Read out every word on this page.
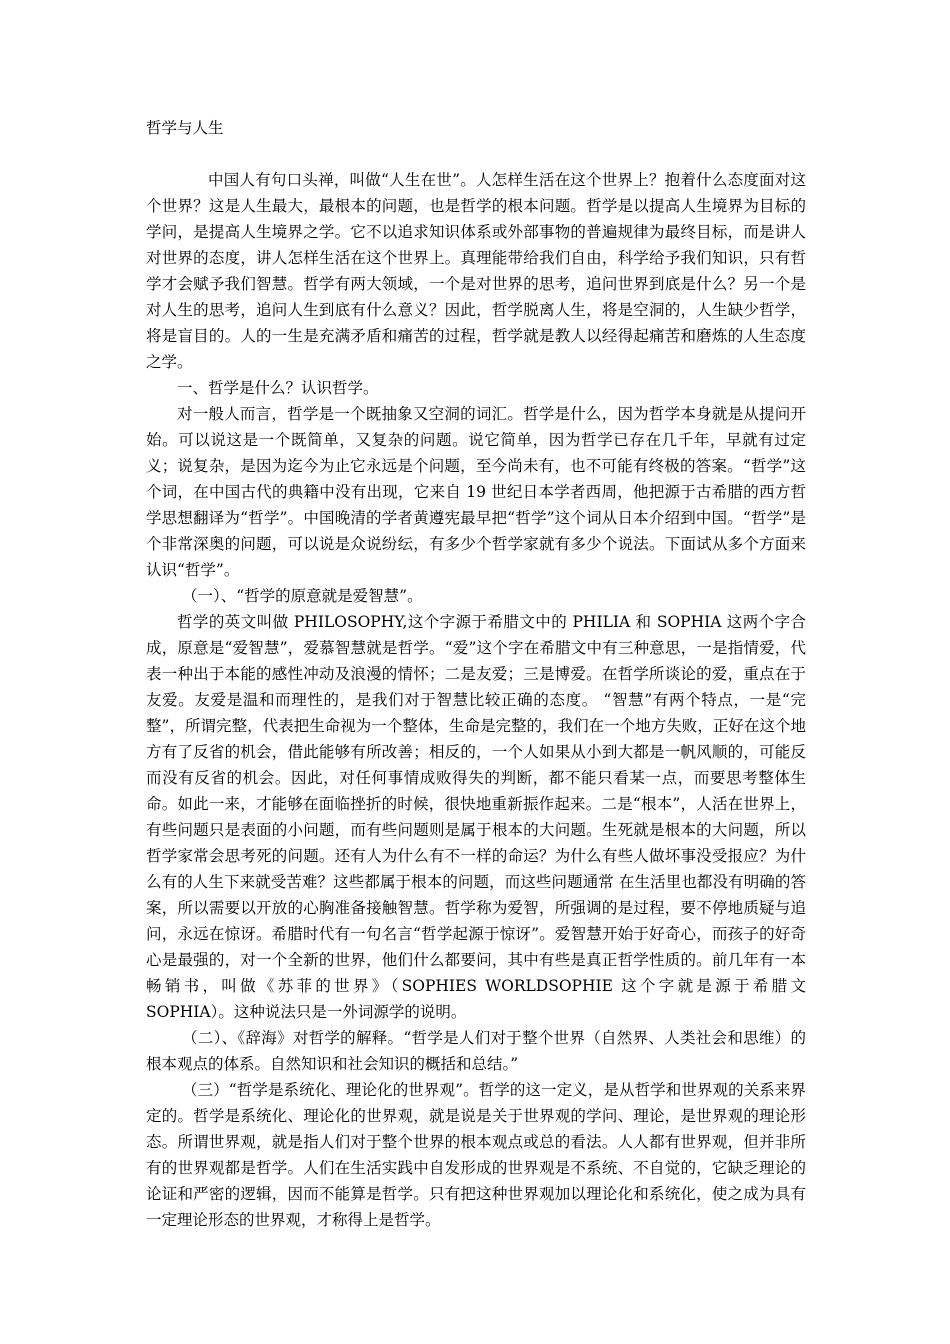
哲学与人生

中国人有句口头禅，叫做“人生在世”。人怎样生活在这个世界上？抱着什么态度面对这个世界？这是人生最大，最根本的问题，也是哲学的根本问题。哲学是以提高人生境界为目标的学问，是提高人生境界之学。它不以追求知识体系或外部事物的普遍规律为最终目标，而是讲人对世界的态度，讲人怎样生活在这个世界上。真理能带给我们自由，科学给予我们知识，只有哲学才会赋予我们智慧。哲学有两大领域，一个是对世界的思考，追问世界到底是什么？另一个是对人生的思考，追问人生到底有什么意义？因此，哲学脱离人生，将是空洞的，人生缺少哲学，将是盲目的。人的一生是充满矛盾和痛苦的过程，哲学就是教人以经得起痛苦和磨炼的人生态度之学。

一、哲学是什么？认识哲学。

对一般人而言，哲学是一个既抽象又空洞的词汇。哲学是什么，因为哲学本身就是从提问开始。可以说这是一个既简单，又复杂的问题。说它简单，因为哲学已存在几千年，早就有过定义；说复杂，是因为迄今为止它永远是个问题，至今尚未有，也不可能有终极的答案。“哲学”这个词，在中国古代的典籍中没有出现，它来自 19 世纪日本学者西周，他把源于古希腊的西方哲学思想翻译为“哲学”。中国晚清的学者黄遵宪最早把“哲学”这个词从日本介绍到中国。“哲学”是个非常深奥的问题，可以说是众说纷纭，有多少个哲学家就有多少个说法。下面试从多个方面来认识“哲学”。

（一）、“哲学的原意就是爱智慧”。

哲学的英文叫做 PHILOSOPHY,这个字源于希腊文中的 PHILIA 和 SOPHIA 这两个字合成，原意是“爱智慧”，爱慕智慧就是哲学。“爱”这个字在希腊文中有三种意思，一是指情爱，代表一种出于本能的感性冲动及浪漫的情怀；二是友爱；三是博爱。在哲学所谈论的爱，重点在于友爱。友爱是温和而理性的，是我们对于智慧比较正确的态度。 “智慧”有两个特点，一是“完整”，所谓完整，代表把生命视为一个整体，生命是完整的，我们在一个地方失败，正好在这个地方有了反省的机会，借此能够有所改善；相反的，一个人如果从小到大都是一帆风顺的，可能反而没有反省的机会。因此，对任何事情成败得失的判断，都不能只看某一点，而要思考整体生命。如此一来，才能够在面临挫折的时候，很快地重新振作起来。二是“根本”，人活在世界上，有些问题只是表面的小问题，而有些问题则是属于根本的大问题。生死就是根本的大问题，所以哲学家常会思考死的问题。还有人为什么有不一样的命运？为什么有些人做坏事没受报应？为什么有的人生下来就受苦难？这些都属于根本的问题，而这些问题通常 在生活里也都没有明确的答案，所以需要以开放的心胸准备接触智慧。哲学称为爱智，所强调的是过程，要不停地质疑与追问，永远在惊讶。希腊时代有一句名言“哲学起源于惊讶”。爱智慧开始于好奇心，而孩子的好奇心是最强的，对一个全新的世界，他们什么都要问，其中有些是真正哲学性质的。前几年有一本畅销书，叫做《苏菲的世界》（SOPHIES WORLDSOPHIE 这个字就是源于希腊文 SOPHIA）。这种说法只是一外词源学的说明。

（二）、《辞海》对哲学的解释。“哲学是人们对于整个世界（自然界、人类社会和思维）的根本观点的体系。自然知识和社会知识的概括和总结。”

（三）“哲学是系统化、理论化的世界观”。哲学的这一定义，是从哲学和世界观的关系来界定的。哲学是系统化、理论化的世界观，就是说是关于世界观的学问、理论，是世界观的理论形态。所谓世界观，就是指人们对于整个世界的根本观点或总的看法。人人都有世界观，但并非所有的世界观都是哲学。人们在生活实践中自发形成的世界观是不系统、不自觉的，它缺乏理论的论证和严密的逻辑，因而不能算是哲学。只有把这种世界观加以理论化和系统化，使之成为具有一定理论形态的世界观，才称得上是哲学。
